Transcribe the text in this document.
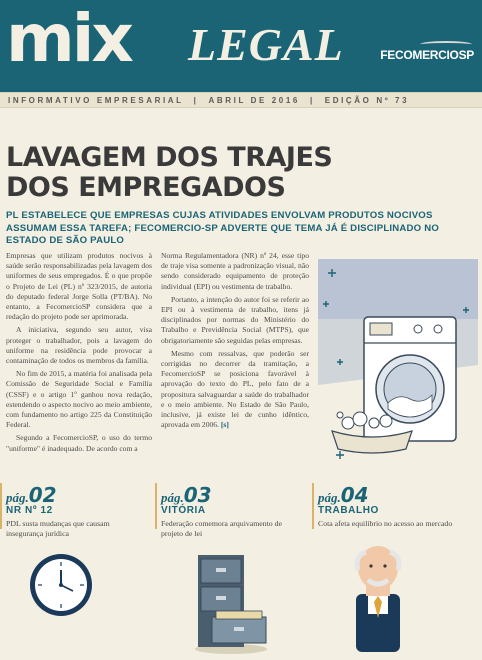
mix LEGAL	FECOMERCIOSP
INFORMATIVO EMPRESARIAL | ABRIL DE 2016 | EDIÇÃO Nº 73
LAVAGEM DOS TRAJES DOS EMPREGADOS
PL ESTABELECE QUE EMPRESAS CUJAS ATIVIDADES ENVOLVAM PRODUTOS NOCIVOS ASSUMAM ESSA TAREFA; FECOMERCIO-SP ADVERTE QUE TEMA JÁ É DISCIPLINADO NO ESTADO DE SÃO PAULO

Empresas que utilizam produtos nocivos à saúde serão responsabilizadas pela lavagem dos uniformes de seus empregados. É o que propõe o Projeto de Lei (PL) nº 323/2015, de autoria do deputado federal Jorge Solla (PT/BA). No entanto, a FecomercioSP considera que a redação do projeto pode ser aprimorada.

A iniciativa, segundo seu autor, visa proteger o trabalhador, pois a lavagem do uniforme na residência pode provocar a contaminação de todos os membros da família.

No fim de 2015, a matéria foi analisada pela Comissão de Seguridade Social e Família (CSSF) e o artigo 1º ganhou nova redação, estendendo o aspecto nocivo ao meio ambiente, com fundamento no artigo 225 da Constituição Federal.

Segundo a FecomercioSP, o uso do termo "uniforme" é inadequado. De acordo com a

Norma Regulamentadora (NR) nº 24, esse tipo de traje visa somente a padronização visual, não sendo considerado equipamento de proteção individual (EPI) ou vestimenta de trabalho.

Portanto, a intenção do autor foi se referir ao EPI ou à vestimenta de trabalho, itens já disciplinados por normas do Ministério do Trabalho e Previdência Social (MTPS), que obrigatoriamente são seguidas pelas empresas.

Mesmo com ressalvas, que poderão ser corrigidas no decorrer da tramitação, a FecomercioSP se posiciona favorável à aprovação do texto do PL, pelo fato de a propositura salvaguardar a saúde do trabalhador e o meio ambiente. No Estado de São Paulo, inclusive, já existe lei de cunho idêntico, aprovada em 2006. [s]

pág.02
NR Nº 12
PDL susta mudanças que causam insegurança jurídica
pág.03
VITÓRIA
Federação comemora arquivamento de projeto de lei
pág.04
TRABALHO
Cota afeta equilíbrio no acesso ao mercado
